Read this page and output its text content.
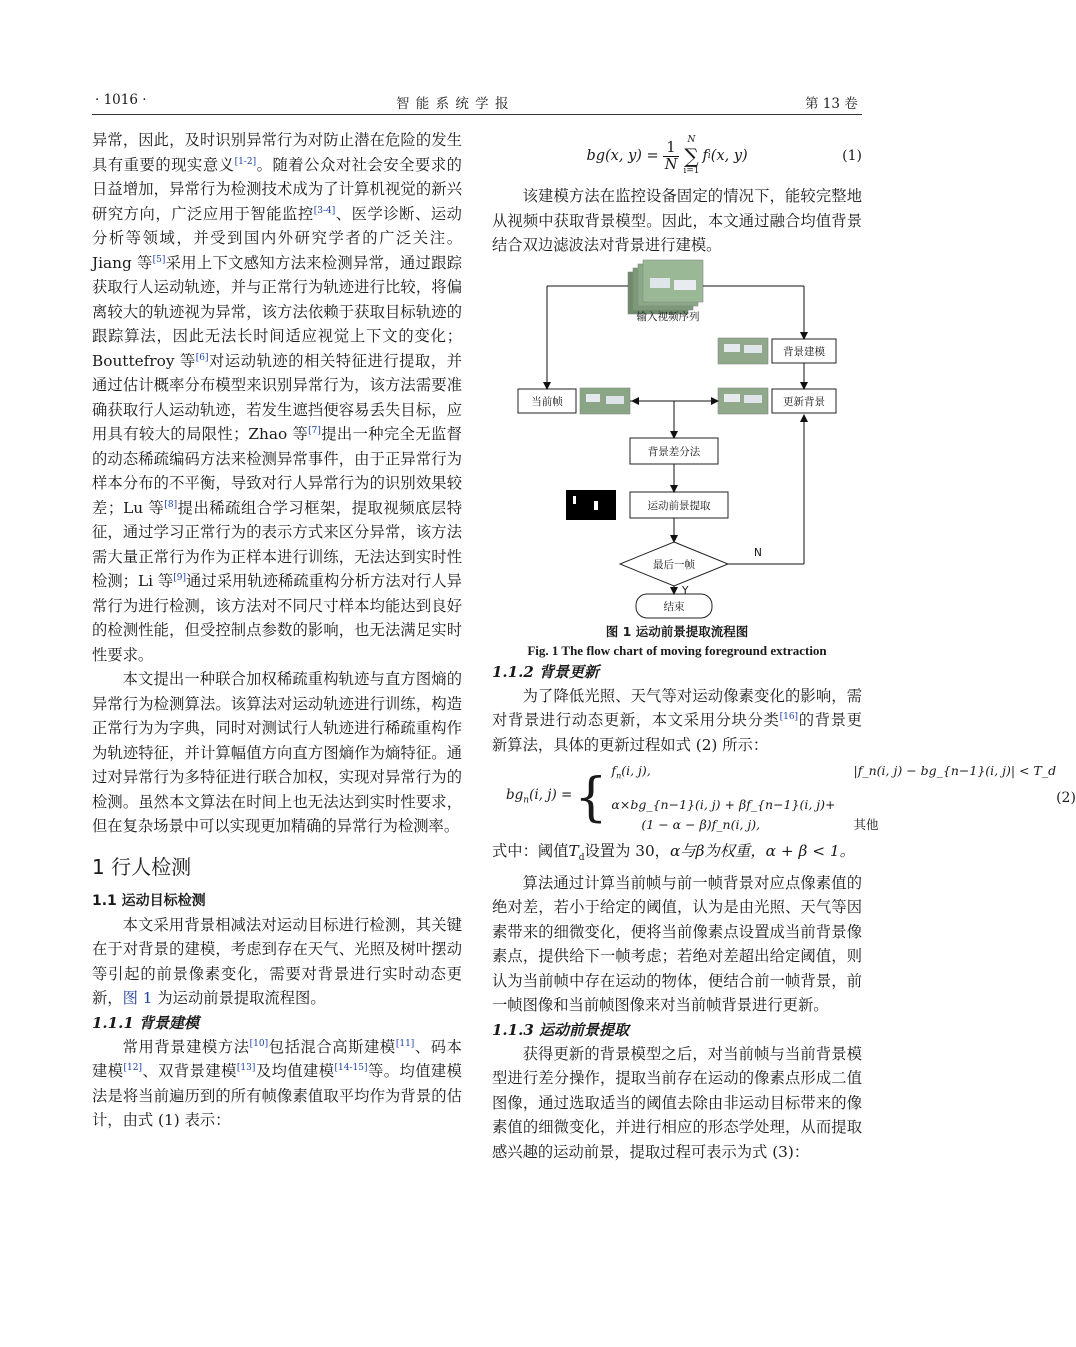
· 1016 ·	智 能 系 统 学 报	第 13 卷

异常，因此，及时识别异常行为对防止潜在危险的发生具有重要的现实意义[1-2]。随着公众对社会安全要求的日益增加，异常行为检测技术成为了计算机视觉的新兴研究方向，广泛应用于智能监控[3-4]、医学诊断、运动分析等领域，并受到国内外研究学者的广泛关注。Jiang 等[5]采用上下文感知方法来检测异常，通过跟踪获取行人运动轨迹，并与正常行为轨迹进行比较，将偏离较大的轨迹视为异常，该方法依赖于获取目标轨迹的跟踪算法，因此无法长时间适应视觉上下文的变化；Bouttefroy 等[6]对运动轨迹的相关特征进行提取，并通过估计概率分布模型来识别异常行为，该方法需要准确获取行人运动轨迹，若发生遮挡便容易丢失目标，应用具有较大的局限性；Zhao 等[7]提出一种完全无监督的动态稀疏编码方法来检测异常事件，由于正异常行为样本分布的不平衡，导致对行人异常行为的识别效果较差；Lu 等[8]提出稀疏组合学习框架，提取视频底层特征，通过学习正常行为的表示方式来区分异常，该方法需大量正常行为作为正样本进行训练，无法达到实时性检测；Li 等[9]通过采用轨迹稀疏重构分析方法对行人异常行为进行检测，该方法对不同尺寸样本均能达到良好的检测性能，但受控制点参数的影响，也无法满足实时性要求。

本文提出一种联合加权稀疏重构轨迹与直方图熵的异常行为检测算法。该算法对运动轨迹进行训练，构造正常行为为字典，同时对测试行人轨迹进行稀疏重构作为轨迹特征，并计算幅值方向直方图熵作为熵特征。通过对异常行为多特征进行联合加权，实现对异常行为的检测。虽然本文算法在时间上也无法达到实时性要求，但在复杂场景中可以实现更加精确的异常行为检测率。

1 行人检测
1.1 运动目标检测

本文采用背景相减法对运动目标进行检测，其关键在于对背景的建模，考虑到存在天气、光照及树叶摆动等引起的前景像素变化，需要对背景进行实时动态更新，图 1 为运动前景提取流程图。

1.1.1 背景建模

常用背景建模方法[10]包括混合高斯建模[11]、码本建模[12]、双背景建模[13]及均值建模[14-15]等。均值建模法是将当前遍历到的所有帧像素值取平均作为背景的估计，由式 (1) 表示：

bg(x, $y) = \frac{1}{N}$ N
∑
i=1
f i (x, y)	(1)

该建模方法在监控设备固定的情况下，能较完整地从视频中获取背景模型。因此，本文通过融合均值背景结合双边滤波法对背景进行建模。

输入视频序列
背景建模
当前帧	更新背景
背景差分法
运动前景提取
最后一帧
结束
N
Y

图 1 运动前景提取流程图

Fig. 1 The flow chart of moving foreground extraction

1.1.2 背景更新

为了降低光照、天气等对运动像素变化的影响，需对背景进行动态更新，本文采用分块分类[16]的背景更新算法，具体的更新过程如式 (2) 所示：

$bg_n(i$, j) = { $f_n(i$, j),	|f_n(i, j) − bg_{n−1}(i, j)| < T_d
α×bg_{n−1}(i, j) + βf_{n−1}(i, j)+
(1 − α − β)f_n(i, j),	其他
(2)

式中：阈值$T_d$设置为 30，α与β为权重，α + β < 1。

算法通过计算当前帧与前一帧背景对应点像素值的绝对差，若小于给定的阈值，认为是由光照、天气等因素带来的细微变化，便将当前像素点设置成当前背景像素点，提供给下一帧考虑；若绝对差超出给定阈值，则认为当前帧中存在运动的物体，便结合前一帧背景，前一帧图像和当前帧图像来对当前帧背景进行更新。

1.1.3 运动前景提取

获得更新的背景模型之后，对当前帧与当前背景模型进行差分操作，提取当前存在运动的像素点形成二值图像，通过选取适当的阈值去除由非运动目标带来的像素值的细微变化，并进行相应的形态学处理，从而提取感兴趣的运动前景，提取过程可表示为式 (3)：
